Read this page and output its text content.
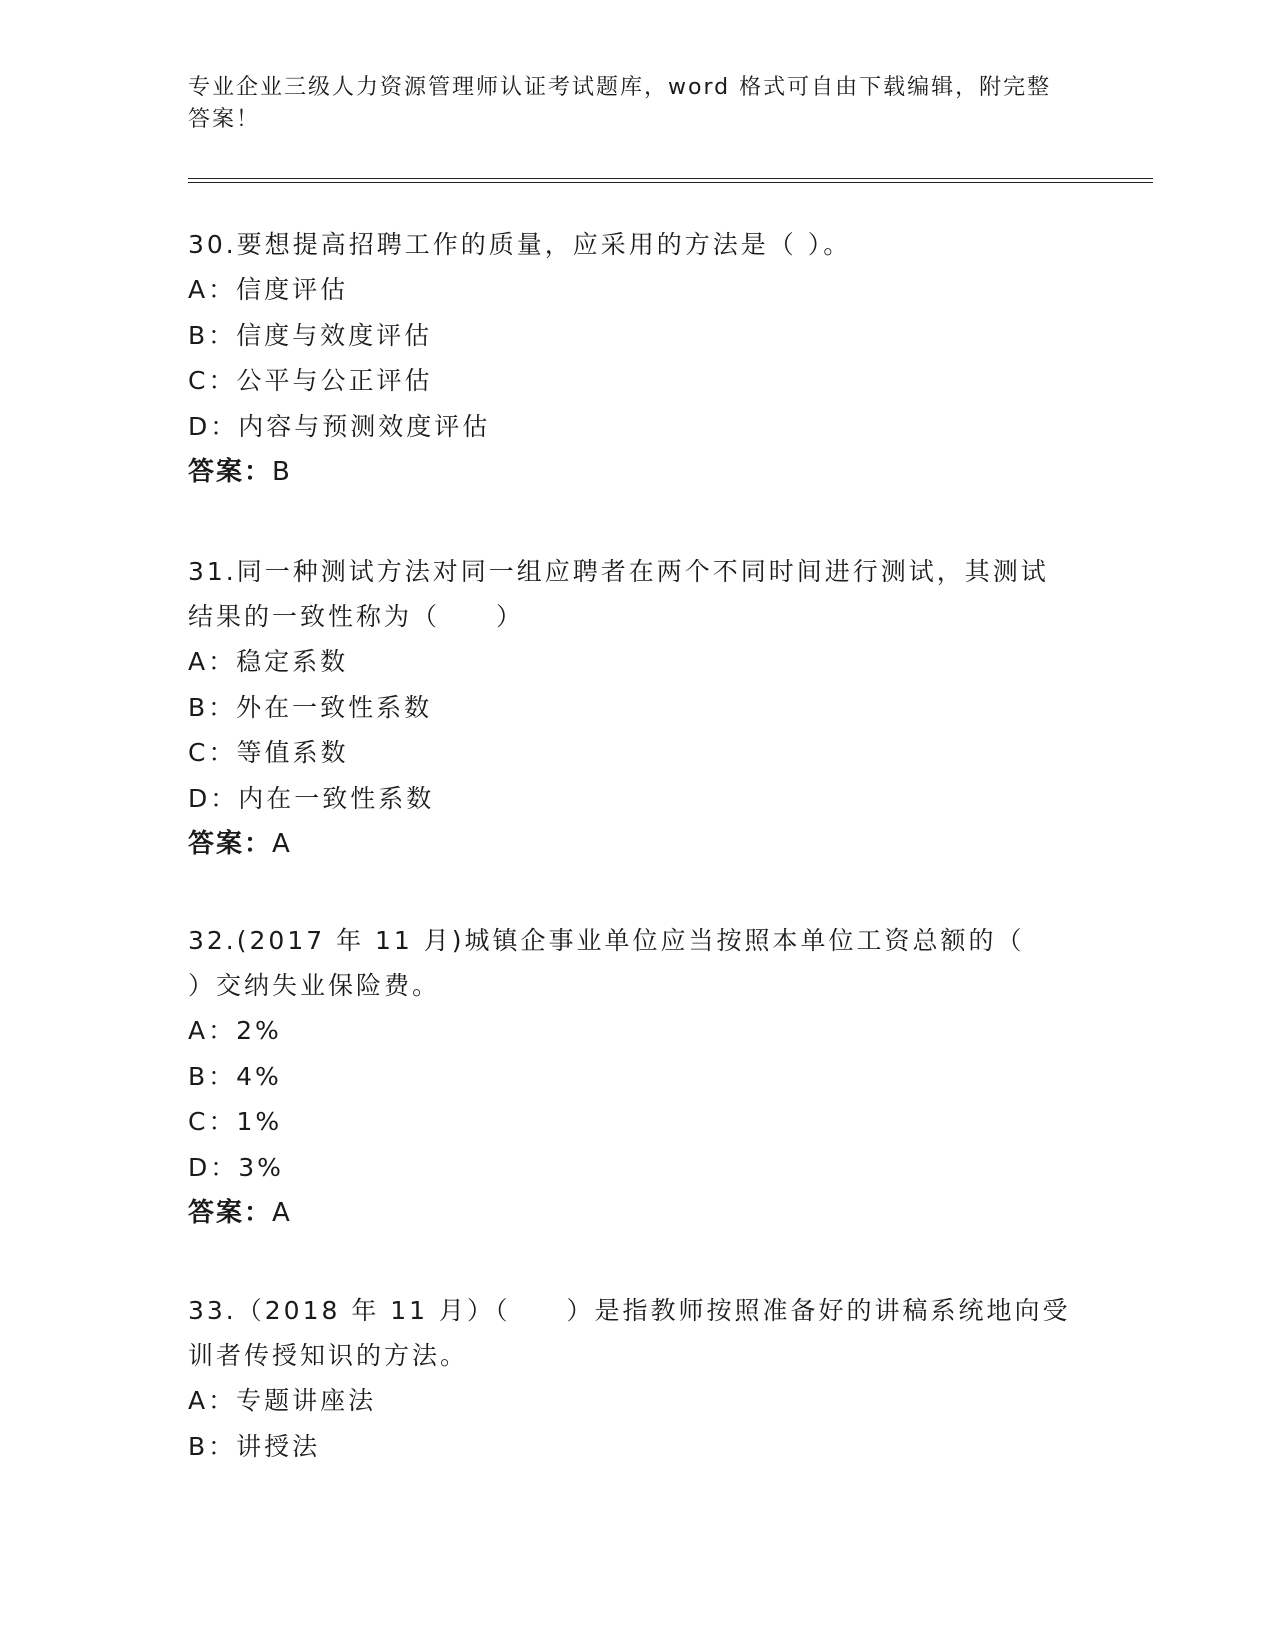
专业企业三级人力资源管理师认证考试题库，word 格式可自由下载编辑，附完整
答案！
30.要想提高招聘工作的质量，应采用的方法是（ ）。
A：信度评估
B：信度与效度评估
C：公平与公正评估
D：内容与预测效度评估
答案：B
31.同一种测试方法对同一组应聘者在两个不同时间进行测试，其测试
结果的一致性称为（　　）
A：稳定系数
B：外在一致性系数
C：等值系数
D：内在一致性系数
答案：A
32.(2017 年 11 月)城镇企事业单位应当按照本单位工资总额的（
）交纳失业保险费。
A：2%
B：4%
C：1%
D：3%
答案：A
33.（2018 年 11 月）（　　）是指教师按照准备好的讲稿系统地向受
训者传授知识的方法。
A：专题讲座法
B：讲授法
